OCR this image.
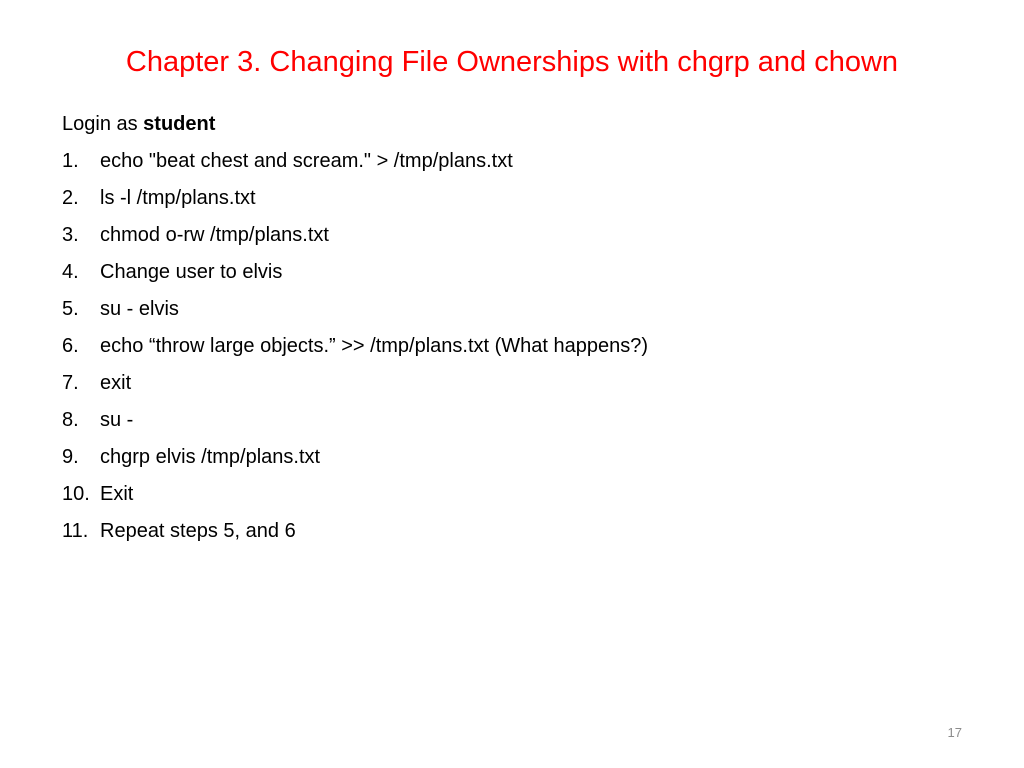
Chapter 3. Changing File Ownerships with chgrp and chown
Login as student
1.	echo "beat chest and scream." > /tmp/plans.txt
2.	ls -l /tmp/plans.txt
3.	chmod o-rw /tmp/plans.txt
4.	Change user to elvis
5.	su - elvis
6.	echo “throw large objects.” >> /tmp/plans.txt (What happens?)
7.	exit
8.	su -
9.	chgrp elvis /tmp/plans.txt
10. Exit
11. Repeat steps 5, and 6
17
